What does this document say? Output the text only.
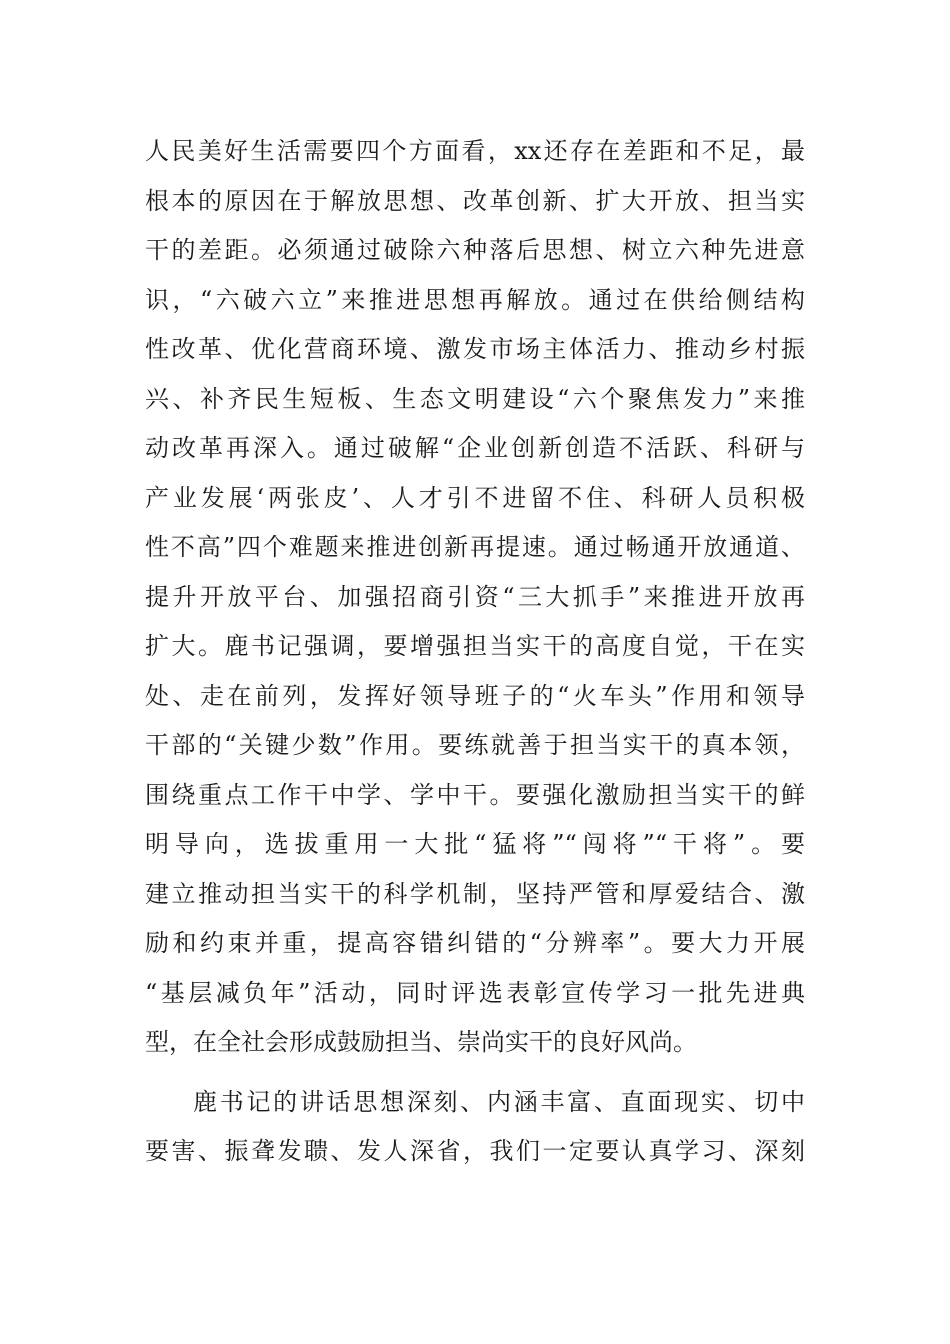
人民美好生活需要四个方面看，xx还存在差距和不足，最
根本的原因在于解放思想、改革创新、扩大开放、担当实
干的差距。必须通过破除六种落后思想、树立六种先进意
识，“六破六立”来推进思想再解放。通过在供给侧结构
性改革、优化营商环境、激发市场主体活力、推动乡村振
兴、补齐民生短板、生态文明建设“六个聚焦发力”来推
动改革再深入。通过破解“企业创新创造不活跃、科研与
产业发展‘两张皮’、人才引不进留不住、科研人员积极
性不高”四个难题来推进创新再提速。通过畅通开放通道、
提升开放平台、加强招商引资“三大抓手”来推进开放再
扩大。鹿书记强调，要增强担当实干的高度自觉，干在实
处、走在前列，发挥好领导班子的“火车头”作用和领导
干部的“关键少数”作用。要练就善于担当实干的真本领，
围绕重点工作干中学、学中干。要强化激励担当实干的鲜
明导向，选拔重用一大批“猛将”“闯将”“干将”。要
建立推动担当实干的科学机制，坚持严管和厚爱结合、激
励和约束并重，提高容错纠错的“分辨率”。要大力开展
“基层减负年”活动，同时评选表彰宣传学习一批先进典
型，在全社会形成鼓励担当、崇尚实干的良好风尚。
鹿书记的讲话思想深刻、内涵丰富、直面现实、切中
要害、振聋发聩、发人深省，我们一定要认真学习、深刻
